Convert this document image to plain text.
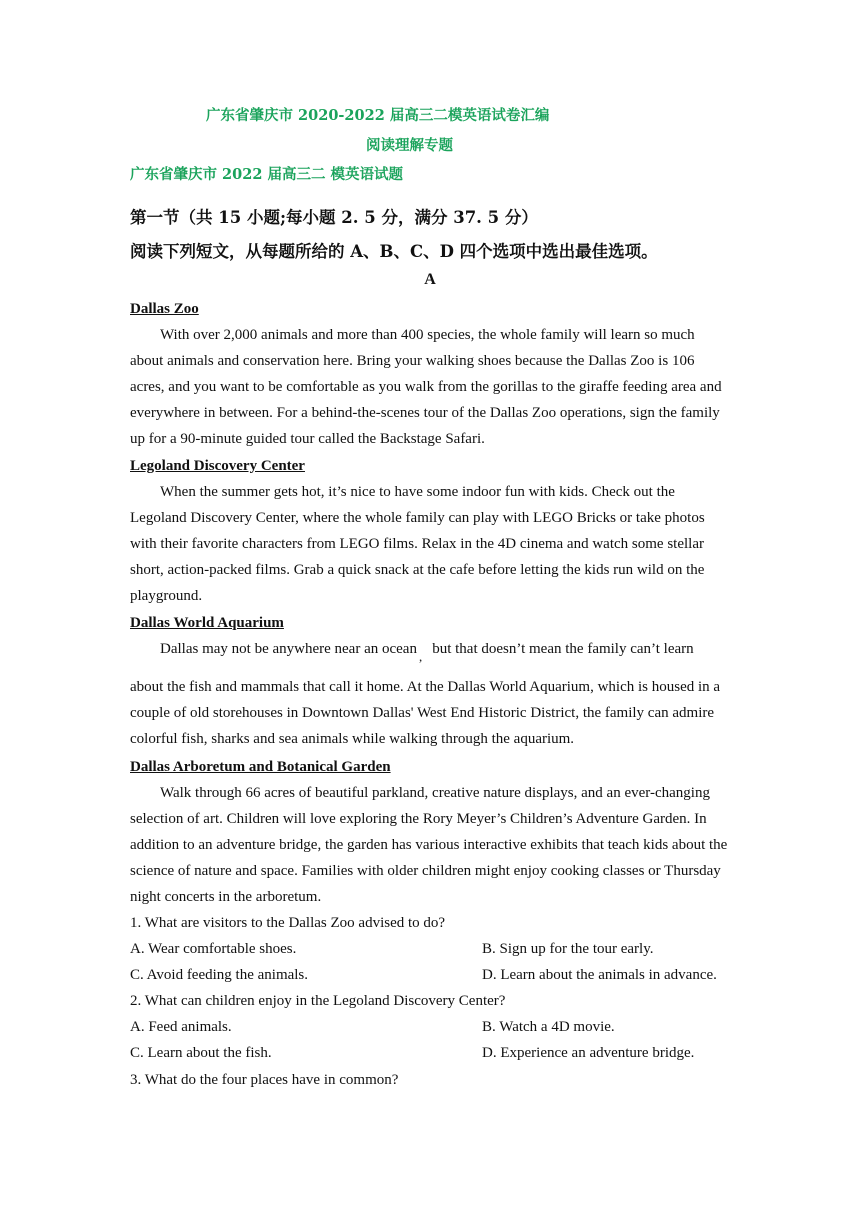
广东省肇庆市 2020-2022 届高三二模英语试卷汇编
阅读理解专题
广东省肇庆市 2022 届高三二 模英语试题
第一节（共 15 小题;每小题 2. 5 分，满分 37. 5 分）
阅读下列短文，从每题所给的 A、B、C、D 四个选项中选出最佳选项。
A
Dallas Zoo

With over 2,000 animals and more than 400 species, the whole family will learn so much about animals and conservation here. Bring your walking shoes because the Dallas Zoo is 106 acres, and you want to be comfortable as you walk from the gorillas to the giraffe feeding area and everywhere in between. For a behind-the-scenes tour of the Dallas Zoo operations, sign the family up for a 90-minute guided tour called the Backstage Safari.

Legoland Discovery Center

When the summer gets hot, it’s nice to have some indoor fun with kids. Check out the Legoland Discovery Center, where the whole family can play with LEGO Bricks or take photos with their favorite characters from LEGO films. Relax in the 4D cinema and watch some stellar short, action-packed films. Grab a quick snack at the cafe before letting the kids run wild on the playground.

Dallas World Aquarium

Dallas may not be anywhere near an ocean , but that doesn’t mean the family can’t learn

about the fish and mammals that call it home. At the Dallas World Aquarium, which is housed in a couple of old storehouses in Downtown Dallas' West End Historic District, the family can admire colorful fish, sharks and sea animals while walking through the aquarium.

Dallas Arboretum and Botanical Garden

Walk through 66 acres of beautiful parkland, creative nature displays, and an ever-changing selection of art. Children will love exploring the Rory Meyer’s Children’s Adventure Garden. In addition to an adventure bridge, the garden has various interactive exhibits that teach kids about the science of nature and space. Families with older children might enjoy cooking classes or Thursday night concerts in the arboretum.

1. What are visitors to the Dallas Zoo advised to do?
A. Wear comfortable shoes.	B. Sign up for the tour early.
C. Avoid feeding the animals.	D. Learn about the animals in advance.
2. What can children enjoy in the Legoland Discovery Center?
A. Feed animals.	B. Watch a 4D movie.
C. Learn about the fish.	D. Experience an adventure bridge.
3. What do the four places have in common?
